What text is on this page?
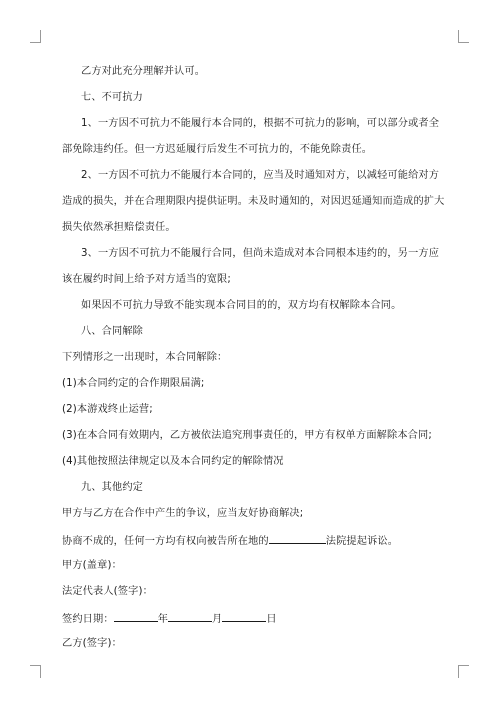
乙方对此充分理解并认可。
七、不可抗力
1、一方因不可抗力不能履行本合同的，根据不可抗力的影响，可以部分或者全
部免除违约任。但一方迟延履行后发生不可抗力的，不能免除责任。
2、一方因不可抗力不能履行本合同的，应当及时通知对方，以减轻可能给对方
造成的损失，并在合理期限内提供证明。未及时通知的，对因迟延通知而造成的扩大
损失依然承担赔偿责任。
3、一方因不可抗力不能履行合同，但尚未造成对本合同根本违约的，另一方应
该在履约时间上给予对方适当的宽限;
如果因不可抗力导致不能实现本合同目的的，双方均有权解除本合同。
八、合同解除
下列情形之一出现时，本合同解除：
(1)本合同约定的合作期限届满;
(2)本游戏终止运营;
(3)在本合同有效期内，乙方被依法追究刑事责任的，甲方有权单方面解除本合同;
(4)其他按照法律规定以及本合同约定的解除情况
九、其他约定
甲方与乙方在合作中产生的争议，应当友好协商解决;
协商不成的，任何一方均有权向被告所在地的	法院提起诉讼。
甲方(盖章)：
法定代表人(签字)：
签约日期：	年	月	日
乙方(签字)：
